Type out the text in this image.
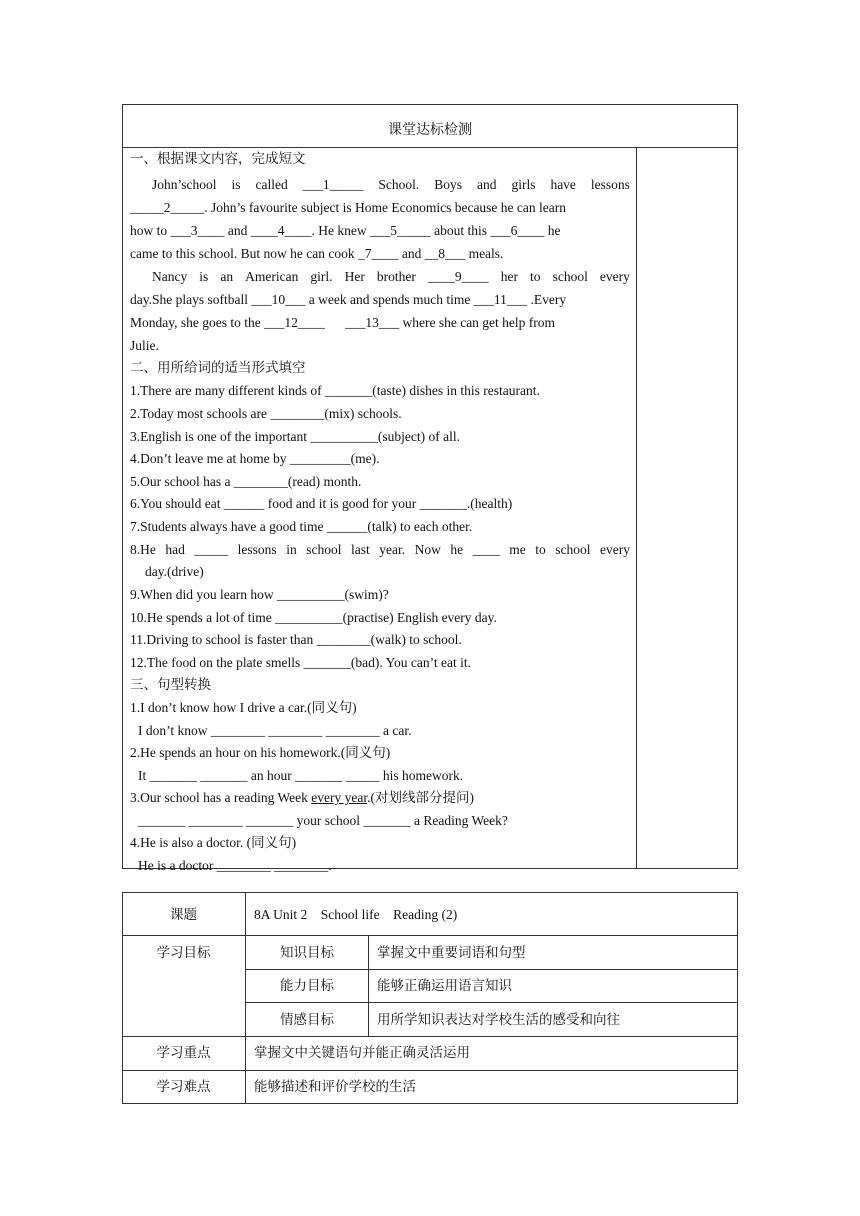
课堂达标检测
一、根据课文内容，完成短文
John’school is called ___1_____ School. Boys and girls have lessons
_____2_____. John’s favourite subject is Home Economics because he can learn
how to ___3____ and ____4____. He knew ___5_____ about this ___6____ he
came to this school. But now he can cook _7____ and __8___ meals.
Nancy is an American girl. Her brother ____9____ her to school every
day.She plays softball ___10___ a week and spends much time ___11___ .Every
Monday, she goes to the ___12____      ___13___ where she can get help from
Julie.
二、用所给词的适当形式填空
1.There are many different kinds of _______(taste) dishes in this restaurant.
2.Today most schools are ________(mix) schools.
3.English is one of the important __________(subject) of all.
4.Don’t leave me at home by _________(me).
5.Our school has a ________(read) month.
6.You should eat ______ food and it is good for your _______.(health)
7.Students always have a good time ______(talk) to each other.
8.He had _____ lessons in school last year. Now he ____ me to school every
day.(drive)
9.When did you learn how __________(swim)?
10.He spends a lot of time __________(practise) English every day.
11.Driving to school is faster than ________(walk) to school.
12.The food on the plate smells _______(bad). You can’t eat it.
三、句型转换
1.I don’t know how I drive a car.(同义句)
I don’t know ________ ________ ________ a car.
2.He spends an hour on his homework.(同义句)
It _______ _______ an hour _______ _____ his homework.
3.Our school has a reading Week every year.(对划线部分提问)
_______ ________ _______ your school _______ a Reading Week?
4.He is also a doctor. (同义句)
He is a doctor ________ ________.
课题	8A Unit 2    School life    Reading (2)
学习目标	知识目标	掌握文中重要词语和句型
能力目标	能够正确运用语言知识
情感目标	用所学知识表达对学校生活的感受和向往
学习重点	掌握文中关键语句并能正确灵活运用
学习难点	能够描述和评价学校的生活
